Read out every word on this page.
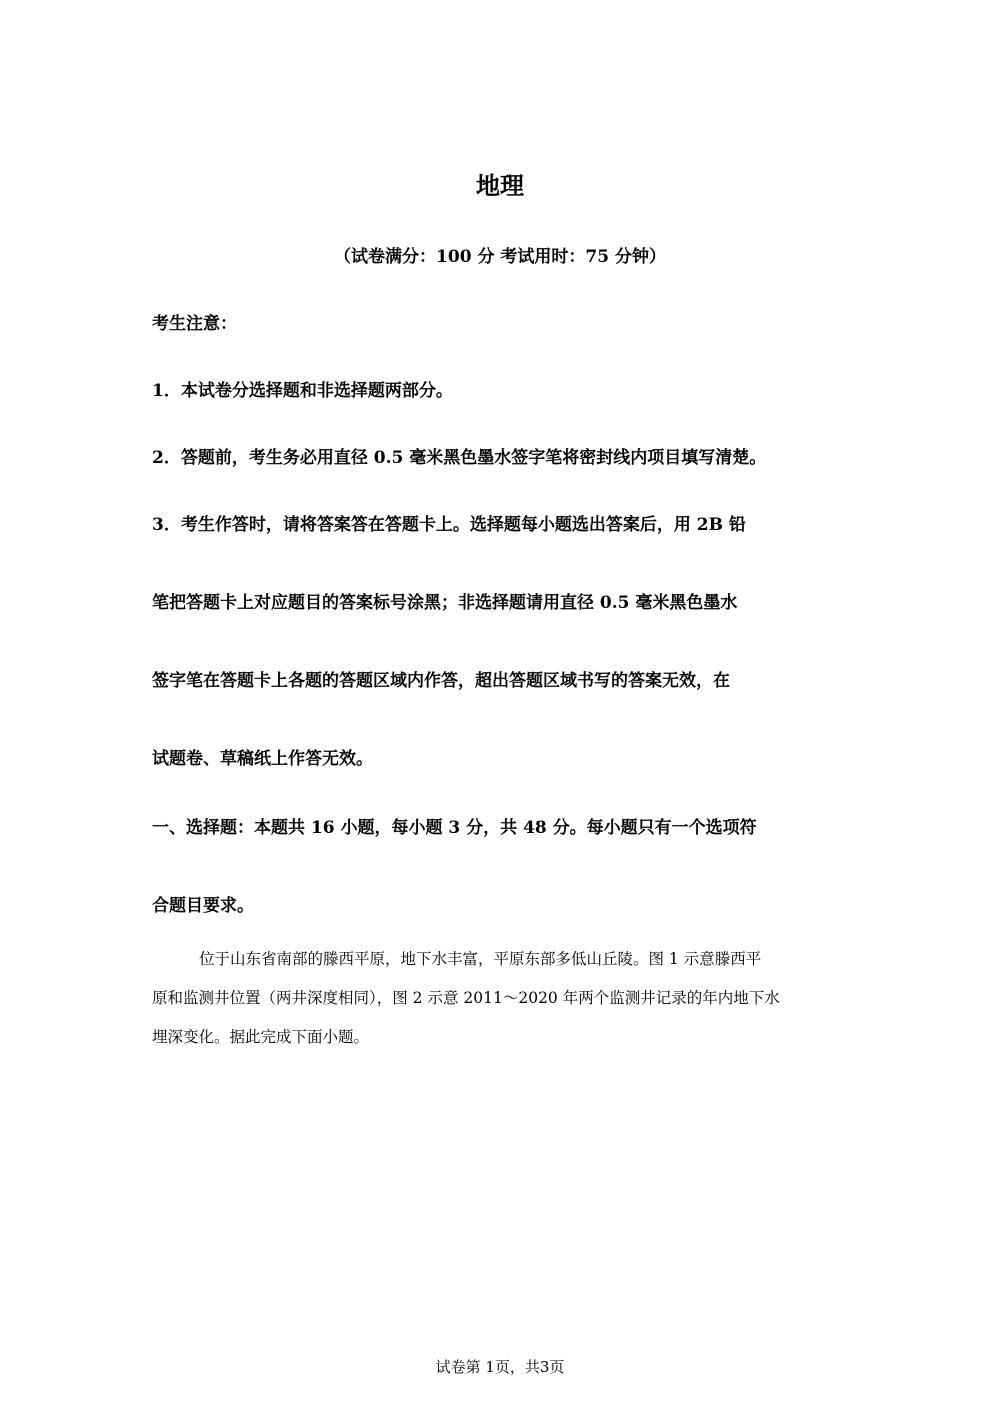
地理
（试卷满分：100 分 考试用时：75 分钟）
考生注意：
1．本试卷分选择题和非选择题两部分。
2．答题前，考生务必用直径 0.5 毫米黑色墨水签字笔将密封线内项目填写清楚。
3．考生作答时，请将答案答在答题卡上。选择题每小题选出答案后，用 2B 铅
笔把答题卡上对应题目的答案标号涂黑；非选择题请用直径 0.5 毫米黑色墨水
签字笔在答题卡上各题的答题区域内作答，超出答题区域书写的答案无效，在
试题卷、草稿纸上作答无效。
一、选择题：本题共 16 小题，每小题 3 分，共 48 分。每小题只有一个选项符
合题目要求。
位于山东省南部的滕西平原，地下水丰富，平原东部多低山丘陵。图 1 示意滕西平
原和监测井位置（两井深度相同），图 2 示意 2011～2020 年两个监测井记录的年内地下水
埋深变化。据此完成下面小题。
试卷第 1页，共3页
